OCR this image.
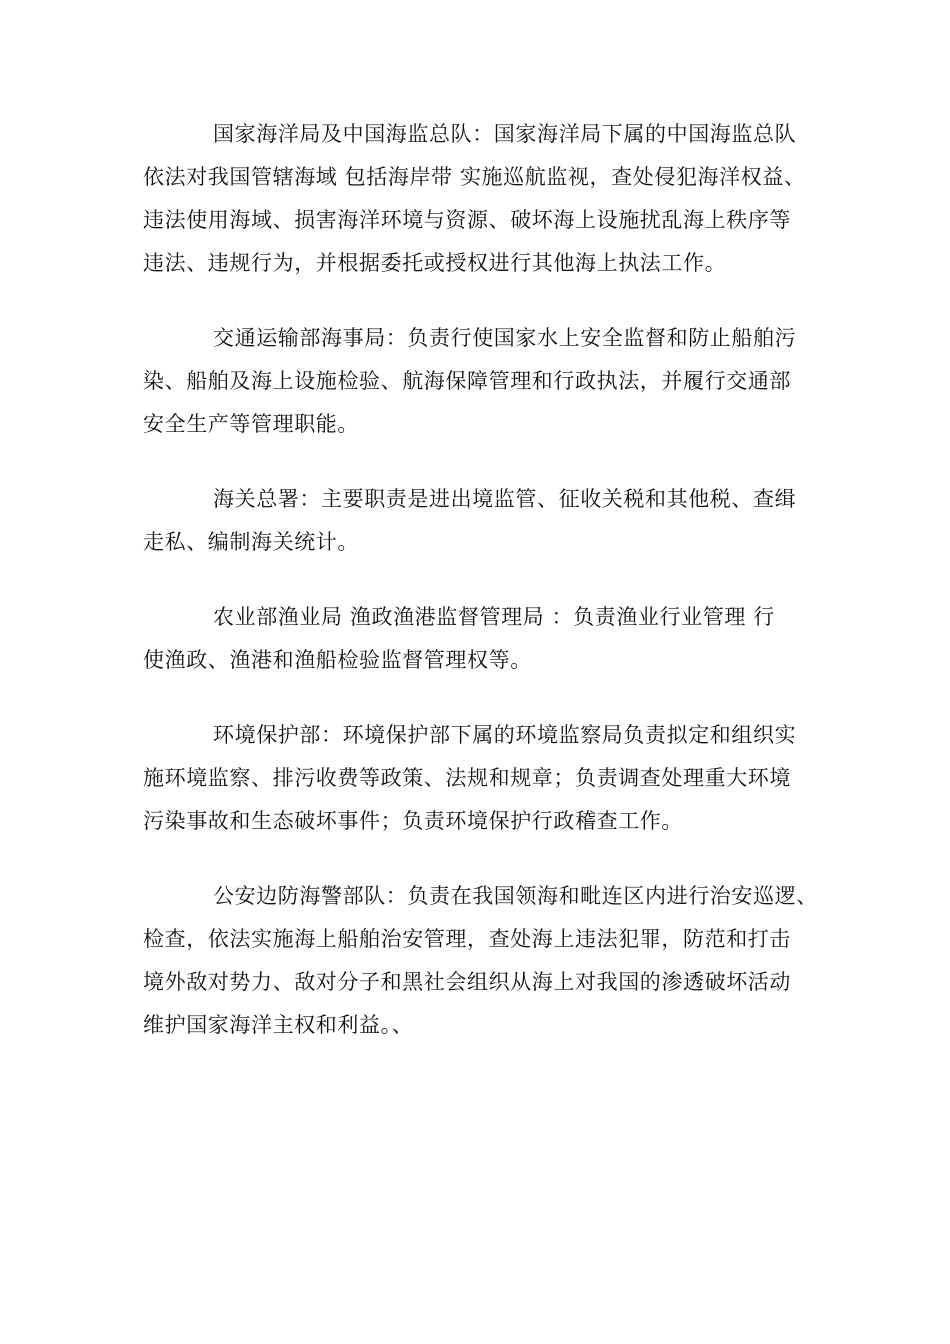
国家海洋局及中国海监总队：国家海洋局下属的中国海监总队
依法对我国管辖海域 包括海岸带 实施巡航监视，查处侵犯海洋权益、
违法使用海域、损害海洋环境与资源、破坏海上设施扰乱海上秩序等
违法、违规行为，并根据委托或授权进行其他海上执法工作。

交通运输部海事局：负责行使国家水上安全监督和防止船舶污
染、船舶及海上设施检验、航海保障管理和行政执法，并履行交通部
安全生产等管理职能。

海关总署：主要职责是进出境监管、征收关税和其他税、查缉
走私、编制海关统计。

农业部渔业局 渔政渔港监督管理局 ：负责渔业行业管理 行
使渔政、渔港和渔船检验监督管理权等。

环境保护部：环境保护部下属的环境监察局负责拟定和组织实
施环境监察、排污收费等政策、法规和规章；负责调查处理重大环境
污染事故和生态破坏事件；负责环境保护行政稽查工作。

公安边防海警部队：负责在我国领海和毗连区内进行治安巡逻、
检查，依法实施海上船舶治安管理，查处海上违法犯罪，防范和打击
境外敌对势力、敌对分子和黑社会组织从海上对我国的渗透破坏活动
维护国家海洋主权和利益。、
